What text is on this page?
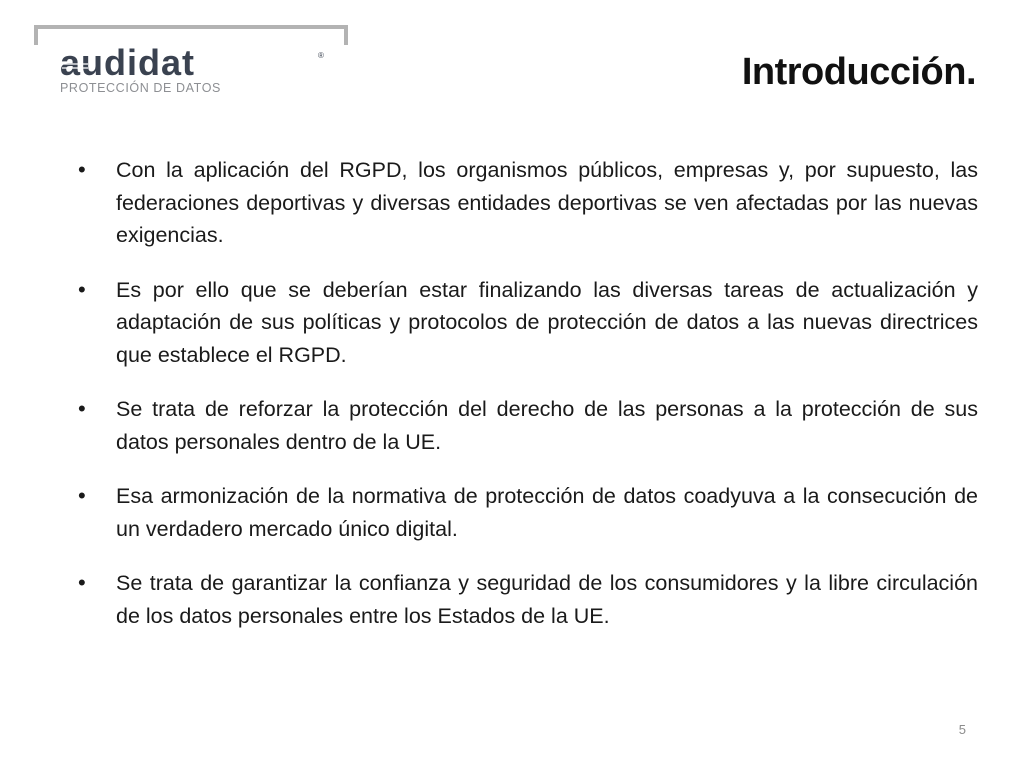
audidat	®
PROTECCIÓN DE DATOS	Introducción.
• Con la aplicación del RGPD, los organismos públicos, empresas y, por supuesto, las federaciones deportivas y diversas entidades deportivas se ven afectadas por las nuevas exigencias.
• Es por ello que se deberían estar finalizando las diversas tareas de actualización y adaptación de sus políticas y protocolos de protección de datos a las nuevas directrices que establece el RGPD.
• Se trata de reforzar la protección del derecho de las personas a la protección de sus datos personales dentro de la UE.
• Esa armonización de la normativa de protección de datos coadyuva a la consecución de un verdadero mercado único digital.
• Se trata de garantizar la confianza y seguridad de los consumidores y la libre circulación de los datos personales entre los Estados de la UE.
5
